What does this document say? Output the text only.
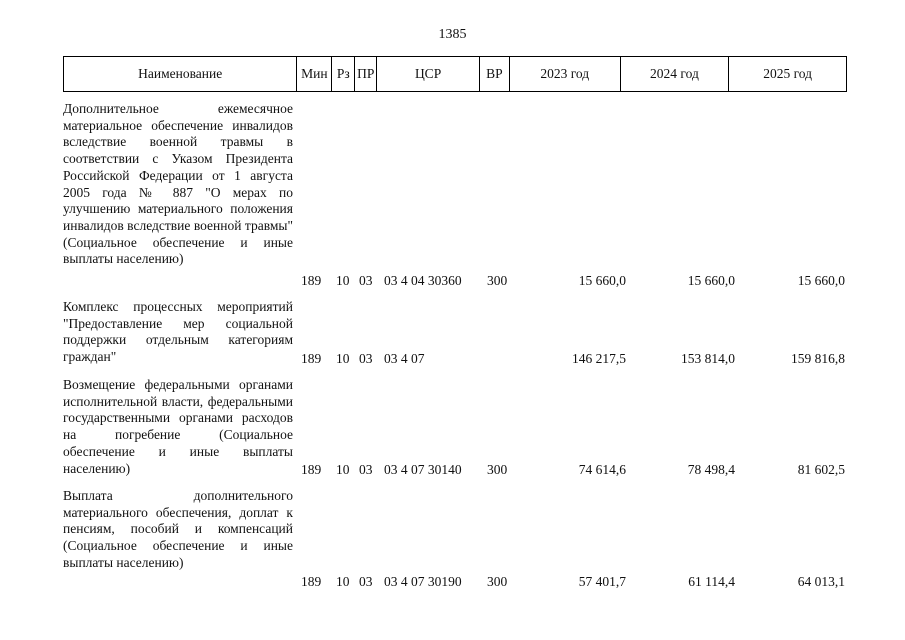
1385
Наименование	Мин Рз ПР	ЦСР	ВР	2023 год	2024 год	2025 год
Дополнительное ежемесячное материальное обеспечение инвалидов вследствие военной травмы в соответствии с Указом Президента Российской Федерации от 1 августа 2005 года № 887 "О мерах по улучшению материального положения инвалидов вследствие военной травмы" (Социальное обеспечение и иные выплаты населению)
189 10 03 03 4 04 30360 300	15 660,0	15 660,0	15 660,0
Комплекс процессных мероприятий "Предоставление мер социальной поддержки отдельным категориям граждан"	189 10 03 03 4 07	146 217,5	153 814,0	159 816,8
Возмещение федеральными органами исполнительной власти, федеральными государственными органами расходов на погребение (Социальное обеспечение и иные выплаты населению)	189 10 03 03 4 07 30140 300	74 614,6	78 498,4	81 602,5
Выплата дополнительного материального обеспечения, доплат к пенсиям, пособий и компенсаций (Социальное обеспечение и иные выплаты населению)
189 10 03 03 4 07 30190 300	57 401,7	61 114,4	64 013,1
